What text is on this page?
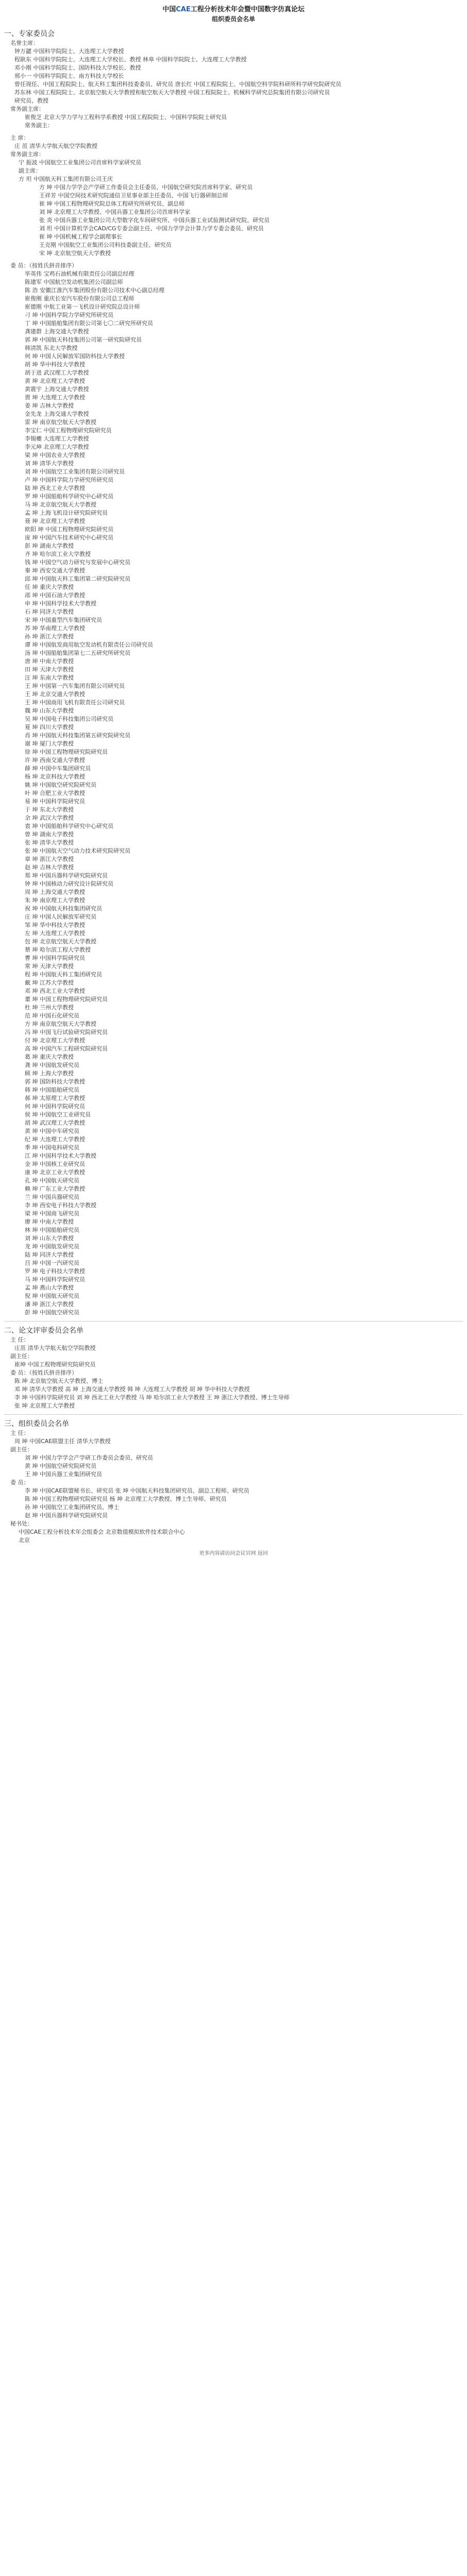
中国CAE工程分析技术年会暨中国数字仿真论坛
组织委员会名单
一、专家委员会
名誉主席：
钟万勰 中国科学院院士、大连理工大学教授
程耿东 中国科学院院士、大连理工大学校长、教授 林皋 中国科学院院士、大连理工大学教授
邓小刚 中国科学院院士、国防科技大学校长、教授
邢小一 中国科学院院士、南方科技大学校长
曾任现任、中国工程院院士、航天科工集团科技委委员、研究员 唐长红 中国工程院院士、中国航空科学院科研所科学研究院研究员
苏东林 中国工程院院士、北京航空航天大学教授和航空航天大学教授 中国工程院院士、机械科学研究总院集团有限公司研究员
研究员、教授
常务副主席：
崔俊芝 北京大学力学与工程科学系教授 中国工程院院士、中国科学院院士研究员
常务副主：
主 席：
庄 茁 清华大学航天航空学院教授
常务副主席：
宁 振波 中国航空工业集团公司首席科学家研究员
副主席：
方 坦 中国航天科工集团有限公司王庆
方 坤 中国力学学会产学研工作委员会主任委员、中国航空研究院首席科学家、研究员
王祥芳 中国空间技术研究院通信卫星事业部主任委员、中国飞行器研制总师
崔 坤 中国工程物理研究院总体工程研究所研究员、副总师
刘 坤 北京理工大学教授、中国兵器工业集团公司首席科学家
张 炎 中国兵器工业集团公司大型数字化车间研究所、中国兵器工业试验测试研究院、研究员
刘 坦 中国计算机学会CAD/CG专委会副主任、中国力学学会计算力学专委会委员、研究员
崔 坤 中国机械工程学会副理事长
王克刚 中国航空工业集团公司科技委副主任、研究员
宋 坤 北京航空航天大学教授
委 员：（按姓氏拼音排序）
毕英伟 宝鸡石油机械有限责任公司副总经理
陈建军 中国航空发动机集团公司副总师
陈 浩 安徽江淮汽车集团股份有限公司技术中心副总经理
崔俊刚 重庆长安汽车股份有限公司总工程师
崔德刚 中航工业第一飞机设计研究院总设计师
刁 坤 中国科学院力学研究所研究员
丁 坤 中国船舶集团有限公司第七〇二研究所研究员
龚建群 上海交通大学教授
郭 坤 中国航天科技集团公司第一研究院研究员
韩清凯 东北大学教授
何 坤 中国人民解放军国防科技大学教授
胡 坤 华中科技大学教授
胡于进 武汉理工大学教授
黄 坤 北京理工大学教授
黄震宇 上海交通大学教授
贾 坤 大连理工大学教授
姜 坤 吉林大学教授
金先龙 上海交通大学教授
雷 坤 南京航空航天大学教授
李宝仁 中国工程物理研究院研究员
李锡夔 大连理工大学教授
李元坤 北京理工大学教授
梁 坤 中国农业大学教授
刘 坤 清华大学教授
刘 坤 中国航空工业集团有限公司研究员
卢 坤 中国科学院力学研究所研究员
陆 坤 西北工业大学教授
罗 坤 中国船舶科学研究中心研究员
马 坤 北京航空航天大学教授
孟 坤 上海飞机设计研究院研究员
聂 坤 北京理工大学教授
欧阳 坤 中国工程物理研究院研究员
庞 坤 中国汽车技术研究中心研究员
彭 坤 湖南大学教授
齐 坤 哈尔滨工业大学教授
钱 坤 中国空气动力研究与发展中心研究员
秦 坤 西安交通大学教授
邱 坤 中国航天科工集团第二研究院研究员
任 坤 重庆大学教授
邵 坤 中国石油大学教授
申 坤 中国科学技术大学教授
石 坤 同济大学教授
宋 坤 中国重型汽车集团研究员
苏 坤 华南理工大学教授
孙 坤 浙江大学教授
谭 坤 中国航发商用航空发动机有限责任公司研究员
汤 坤 中国船舶集团第七二五研究所研究员
唐 坤 中南大学教授
田 坤 天津大学教授
汪 坤 东南大学教授
王 坤 中国第一汽车集团有限公司研究员
王 坤 北京交通大学教授
王 坤 中国商用飞机有限责任公司研究员
魏 坤 山东大学教授
吴 坤 中国电子科技集团公司研究员
夏 坤 四川大学教授
肖 坤 中国航天科技集团第五研究院研究员
谢 坤 厦门大学教授
徐 坤 中国工程物理研究院研究员
许 坤 西南交通大学教授
薛 坤 中国中车集团研究员
杨 坤 北京科技大学教授
姚 坤 中国航空研究院研究员
叶 坤 合肥工业大学教授
易 坤 中国科学院研究员
于 坤 东北大学教授
余 坤 武汉大学教授
袁 坤 中国船舶科学研究中心研究员
曾 坤 湖南大学教授
张 坤 清华大学教授
张 坤 中国航天空气动力技术研究院研究员
章 坤 浙江大学教授
赵 坤 吉林大学教授
郑 坤 中国兵器科学研究院研究员
钟 坤 中国核动力研究设计院研究员
周 坤 上海交通大学教授
朱 坤 南京理工大学教授
祝 坤 中国航天科技集团研究员
庄 坤 中国人民解放军研究员
邹 坤 华中科技大学教授
左 坤 大连理工大学教授
包 坤 北京航空航天大学教授
蔡 坤 哈尔滨工程大学教授
曹 坤 中国科学院研究员
常 坤 天津大学教授
程 坤 中国航天科工集团研究员
戴 坤 江苏大学教授
邓 坤 西北工业大学教授
董 坤 中国工程物理研究院研究员
杜 坤 兰州大学教授
范 坤 中国石化研究员
方 坤 南京航空航天大学教授
冯 坤 中国飞行试验研究院研究员
付 坤 北京理工大学教授
高 坤 中国汽车工程研究院研究员
葛 坤 重庆大学教授
龚 坤 中国航发研究员
顾 坤 上海大学教授
郭 坤 国防科技大学教授
韩 坤 中国船舶研究员
郝 坤 太原理工大学教授
何 坤 中国科学院研究员
侯 坤 中国航空工业研究员
胡 坤 武汉理工大学教授
黄 坤 中国中车研究员
纪 坤 大连理工大学教授
季 坤 中国电科研究员
江 坤 中国科学技术大学教授
金 坤 中国核工业研究员
康 坤 北京工业大学教授
孔 坤 中国航天研究员
赖 坤 广东工业大学教授
兰 坤 中国兵器研究员
李 坤 西安电子科技大学教授
梁 坤 中国商飞研究员
廖 坤 中南大学教授
林 坤 中国船舶研究员
刘 坤 山东大学教授
龙 坤 中国航发研究员
陆 坤 同济大学教授
吕 坤 中国一汽研究员
罗 坤 电子科技大学教授
马 坤 中国科学院研究员
孟 坤 燕山大学教授
倪 坤 中国航天研究员
潘 坤 浙江大学教授
彭 坤 中国航空研究员
二、论文评审委员会名单
主 任：
庄茁 清华大学航天航空学院教授
副主任：
崔坤 中国工程物理研究院研究员
委 员：（按姓氏拼音排序）
陈 坤 北京航空航天大学教授、博士
邓 坤 清华大学教授 高 坤 上海交通大学教授 韩 坤 大连理工大学教授 胡 坤 华中科技大学教授
李 坤 中国科学院研究员 刘 坤 西北工业大学教授 马 坤 哈尔滨工业大学教授 王 坤 浙江大学教授、博士生导师
张 坤 北京理工大学教授
三、组织委员会名单
主 任：
周 坤 中国CAE联盟主任 清华大学教授
副主任：
刘 坤 中国力学学会产学研工作委员会委员、研究员
黄 坤 中国航空研究院研究员
王 坤 中国兵器工业集团研究员
委 员：
李 坤 中国CAE联盟秘书长、研究员 张 坤 中国航天科技集团研究员、副总工程师、研究员
陈 坤 中国工程物理研究院研究员 杨 坤 北京理工大学教授、博士生导师、研究员
孙 坤 中国航空工业集团研究员、博士
赵 坤 中国兵器科学研究院研究员
秘书处：
中国CAE工程分析技术年会组委会 北京数值模拟软件技术联合中心
北京
更多内容请访问会议官网 返回
